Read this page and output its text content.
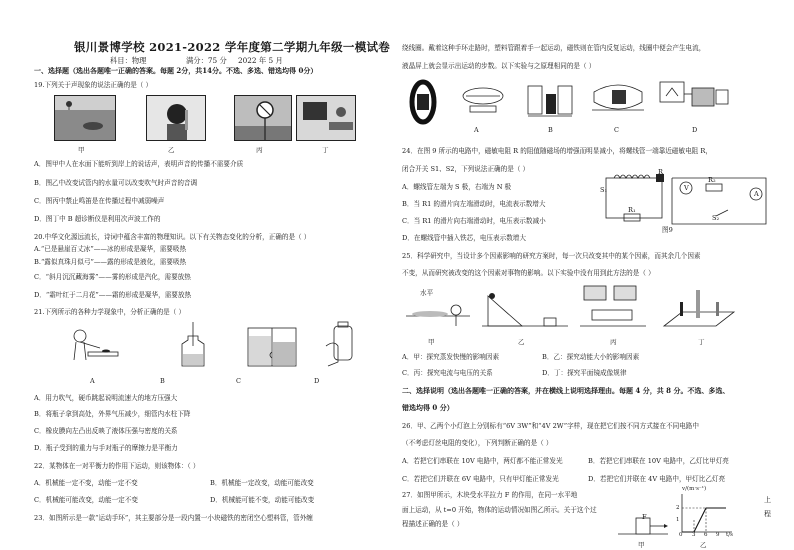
银川景博学校 2021-2022 学年度第二学期九年级一模试卷
科目：物理	满分：75 分 2022 年 5 月
一、选择题（选出各题唯一正确的答案。每题 2分，共14分。不选、多选、错选均得 0分）
19.下列关于声现象的说法正确的是（ ）
甲	乙	丙	丁
A．图甲中人在水面下能听到岸上的说话声，表明声音的传播不需要介质
B．图乙中改变试管内的水量可以改变吹气时声音的音调
C．图丙中禁止鸣笛是在传播过程中减弱噪声
D．图丁中 B 超诊断仪是利用次声波工作的
20.中华文化源远流长，诗词中蕴含丰富的物理知识。以下有关物态变化的分析，正确的是（ ）
A.“已是悬崖百丈冰”——冰的形成是凝华，需要吸热
B.“露似真珠月似弓”——露的形成是液化，需要吸热
C．“斜月沉沉藏海雾”——雾的形成是汽化，需要放热
D．“霜叶红于二月花”——霜的形成是凝华，需要放热
21.下列所示的各种力学现象中，分析正确的是（ ）
A	B	C	D
A．用力吹气，硬币跳起说明流速大的地方压强大
B．将瓶子拿到高处，外界气压减少，细管内水柱下降
C．橡皮膜向左凸出反映了液体压强与密度的关系
D．瓶子受到的重力与手对瓶子的摩擦力是平衡力
22．某物体在一对平衡力的作用下运动，则该物体：（ ）
A．机械能一定不变，动能一定不变	B．机械能一定改变，动能可能改变
C．机械能可能改变，动能一定不变	D．机械能可能不变，动能可能改变
23．如图所示是一款“运动手环”，其主要部分是一段内置一小块磁铁的密闭空心塑料管，管外缠
绕线圈。戴着这种手环走路时，塑料管跟着手一起运动，磁铁则在管内反复运动，线圈中便会产生电流，
液晶屏上就会显示出运动的步数。以下实验与之原理相同的是（ ）
A	B	C	D
24．在图 9 所示的电路中，磁敏电阻 R 的阻值随磁场的增强而明显减小，将螺线管一端靠近磁敏电阻 R，
闭合开关 S1、S2，下列说法正确的是（ ）
A．螺线管左端为 S 极，右端为 N 极
B．当 R1 的滑片向左端滑动时，电流表示数增大
C．当 R1 的滑片向右端滑动时，电压表示数减小
D．在螺线管中插入铁芯，电压表示数增大
S₁
S₂
R₁
R
V
A
R₂
图9
25．科学研究中，当设计多个因素影响的研究方案时，每一次只改变其中的某个因素，而其余几个因素
不变，从而研究被改变的这个因素对事物的影响。以下实验中没有用到此方法的是（ ）
水平
甲	乙	丙	丁
A．甲：探究蒸发快慢的影响因素	B．乙：探究动能大小的影响因素
C．丙：探究电流与电压的关系	D．丁：探究平面镜成像规律
二、选择说明（选出各题唯一正确的答案，并在横线上说明选择理由。每题 4 分，共 8 分。不选、多选、
错选均得 0 分）
26．甲、乙两个小灯泡上分别标有“6V 3W”和“4V 2W”字样，现在把它们按不同方式接在不同电路中
（不考虑灯丝电阻的变化），下列判断正确的是（ ）
A．若把它们串联在 10V 电路中，两灯都不能正常发光	B．若把它们串联在 10V 电路中，乙灯比甲灯亮
C．若把它们并联在 6V 电路中，只有甲灯能正常发光	D．若把它们并联在 4V 电路中，甲灯比乙灯亮
27．如图甲所示，木块受水平拉力 F 的作用，在同一水平地
面上运动，从 t=0 开始，物体的运动情况如图乙所示。关于这个过
程描述正确的是（ ）
F
甲
v/(m·s⁻¹)
2
1
0 3 6 9 t/s
乙
上
程
